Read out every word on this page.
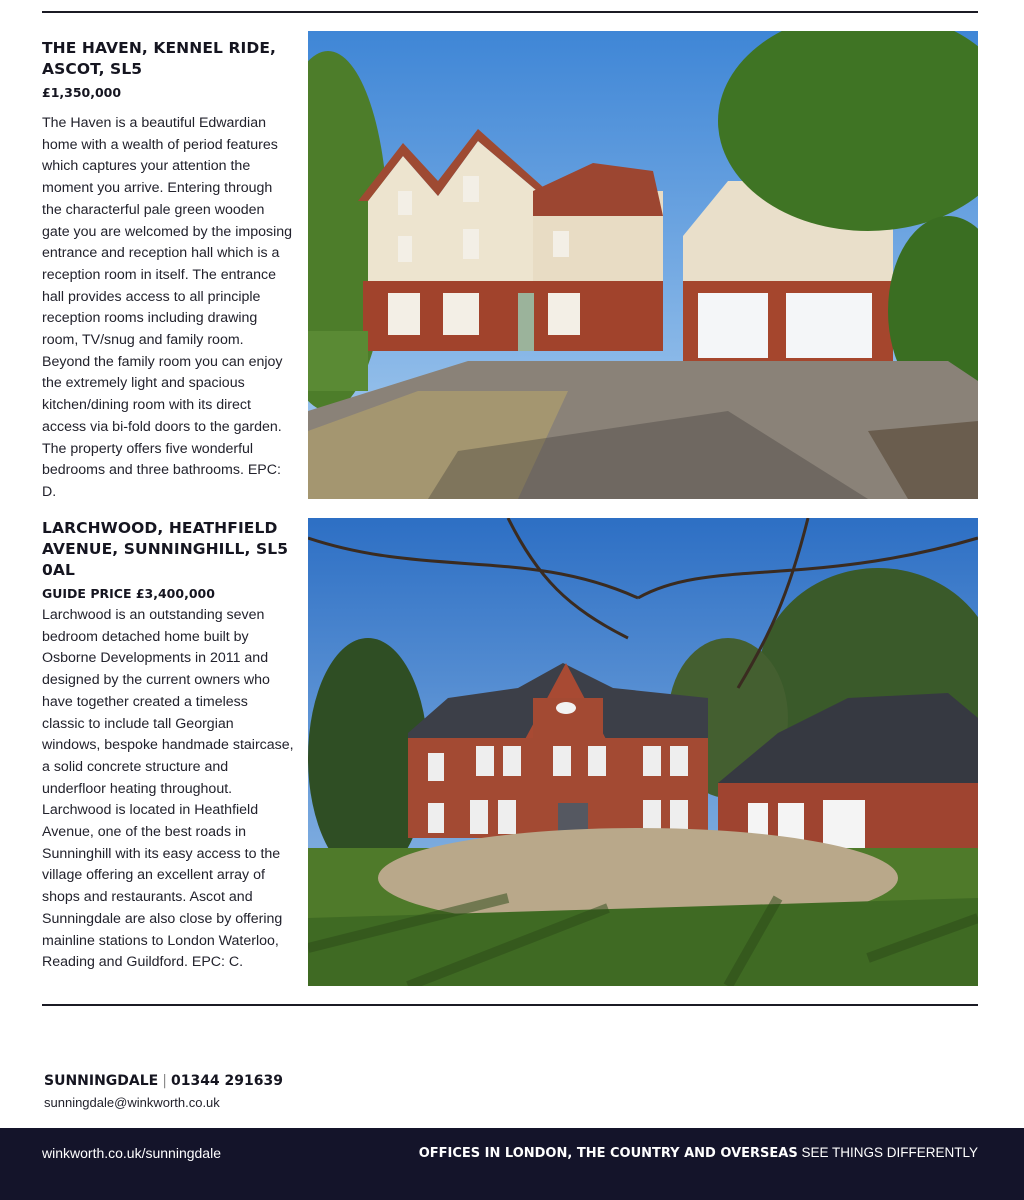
THE HAVEN, KENNEL RIDE, ASCOT, SL5
£1,350,000

The Haven is a beautiful Edwardian home with a wealth of period features which captures your attention the moment you arrive. Entering through the characterful pale green wooden gate you are welcomed by the imposing entrance and reception hall which is a reception room in itself. The entrance hall provides access to all principle reception rooms including drawing room, TV/snug and family room. Beyond the family room you can enjoy the extremely light and spacious kitchen/dining room with its direct access via bi-fold doors to the garden. The property offers five wonderful bedrooms and three bathrooms. EPC: D.

LARCHWOOD, HEATHFIELD AVENUE, SUNNINGHILL, SL5 0AL
GUIDE PRICE £3,400,000

Larchwood is an outstanding seven bedroom detached home built by Osborne Developments in 2011 and designed by the current owners who have together created a timeless classic to include tall Georgian windows, bespoke handmade staircase, a solid concrete structure and underfloor heating throughout. Larchwood is located in Heathfield Avenue, one of the best roads in Sunninghill with its easy access to the village offering an excellent array of shops and restaurants. Ascot and Sunningdale are also close by offering mainline stations to London Waterloo, Reading and Guildford. EPC: C.

SUNNINGDALE | 01344 291639
sunningdale@winkworth.co.uk
winkworth.co.uk/sunningdale	OFFICES IN LONDON, THE COUNTRY AND OVERSEAS SEE THINGS DIFFERENTLY
